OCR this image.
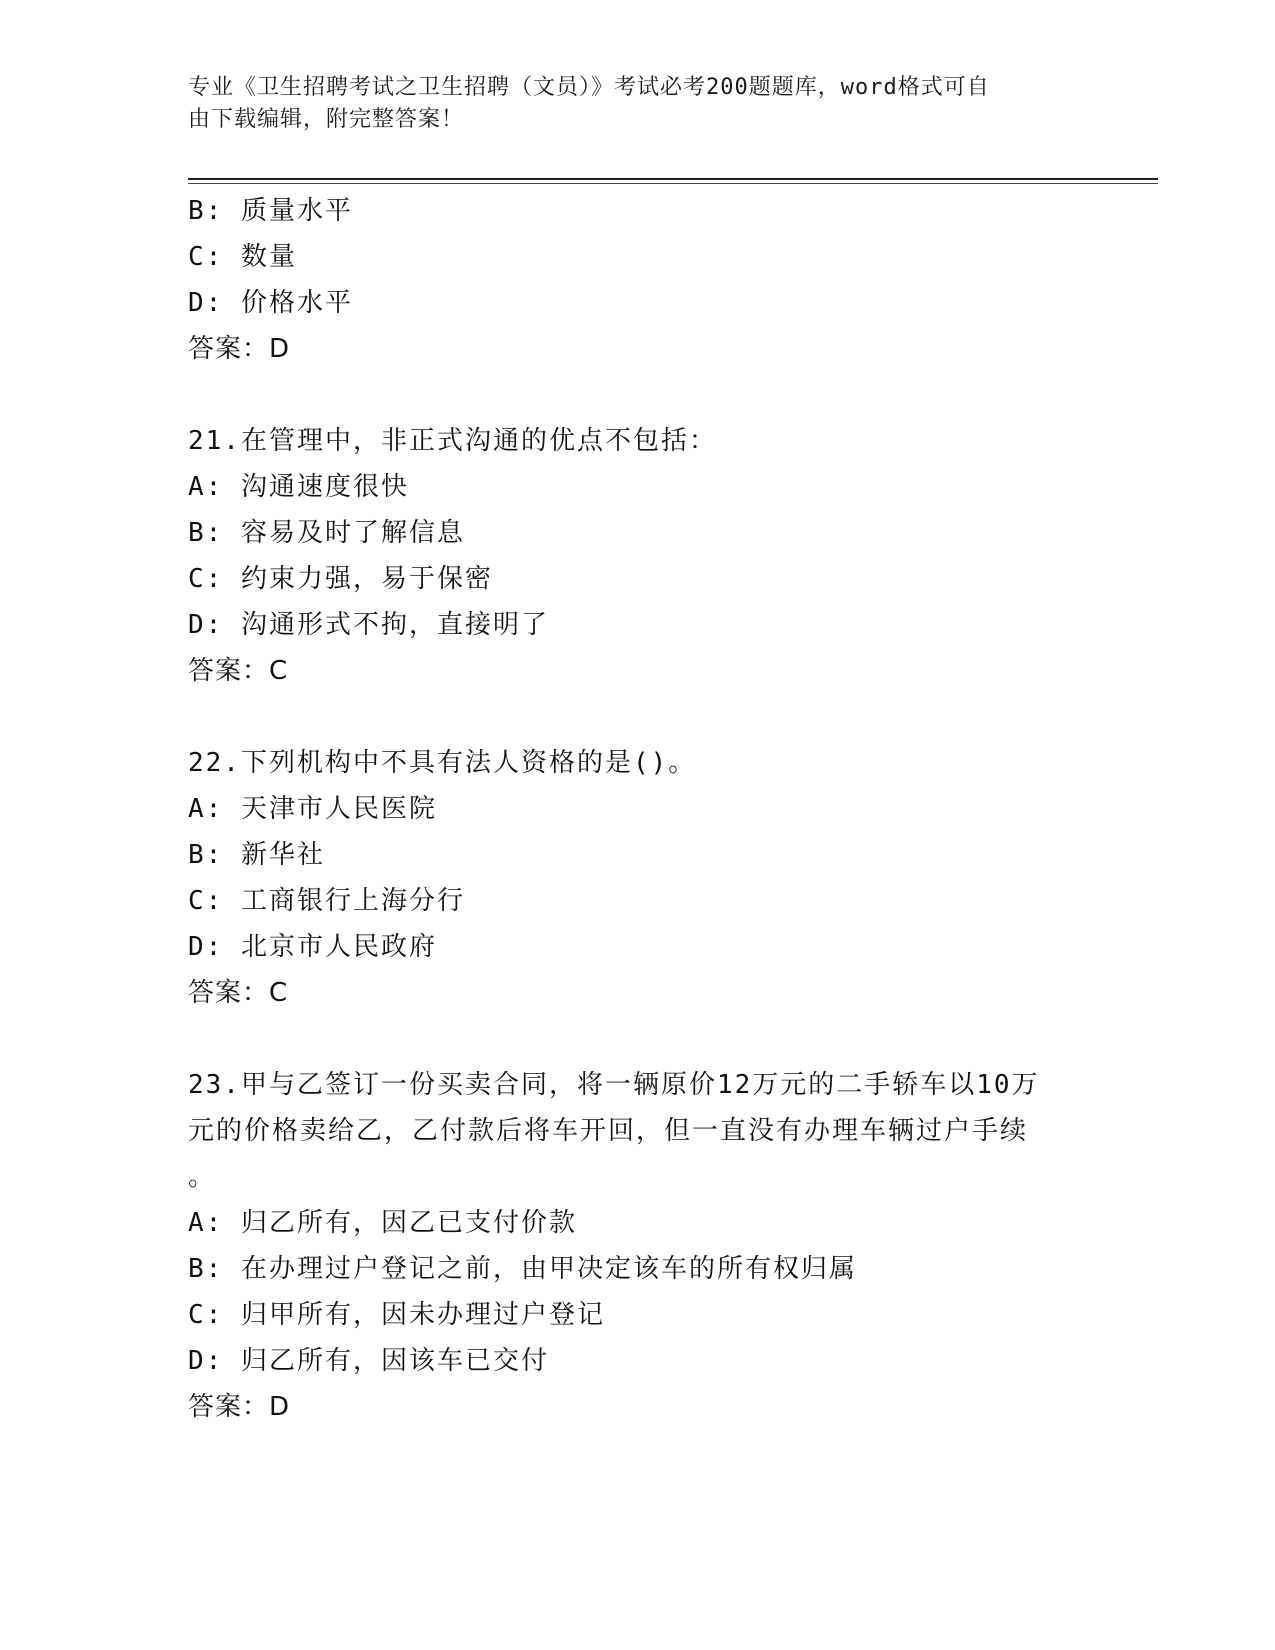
专业《卫生招聘考试之卫生招聘（文员）》考试必考200题题库，word格式可自
由下载编辑，附完整答案！
B: 质量水平
C: 数量
D: 价格水平
答案：D
21.在管理中，非正式沟通的优点不包括：
A: 沟通速度很快
B: 容易及时了解信息
C: 约束力强，易于保密
D: 沟通形式不拘，直接明了
答案：C
22.下列机构中不具有法人资格的是()。
A: 天津市人民医院
B: 新华社
C: 工商银行上海分行
D: 北京市人民政府
答案：C
23.甲与乙签订一份买卖合同，将一辆原价12万元的二手轿车以10万
元的价格卖给乙，乙付款后将车开回，但一直没有办理车辆过户手续
。
A: 归乙所有，因乙已支付价款
B: 在办理过户登记之前，由甲决定该车的所有权归属
C: 归甲所有，因未办理过户登记
D: 归乙所有，因该车已交付
答案：D
